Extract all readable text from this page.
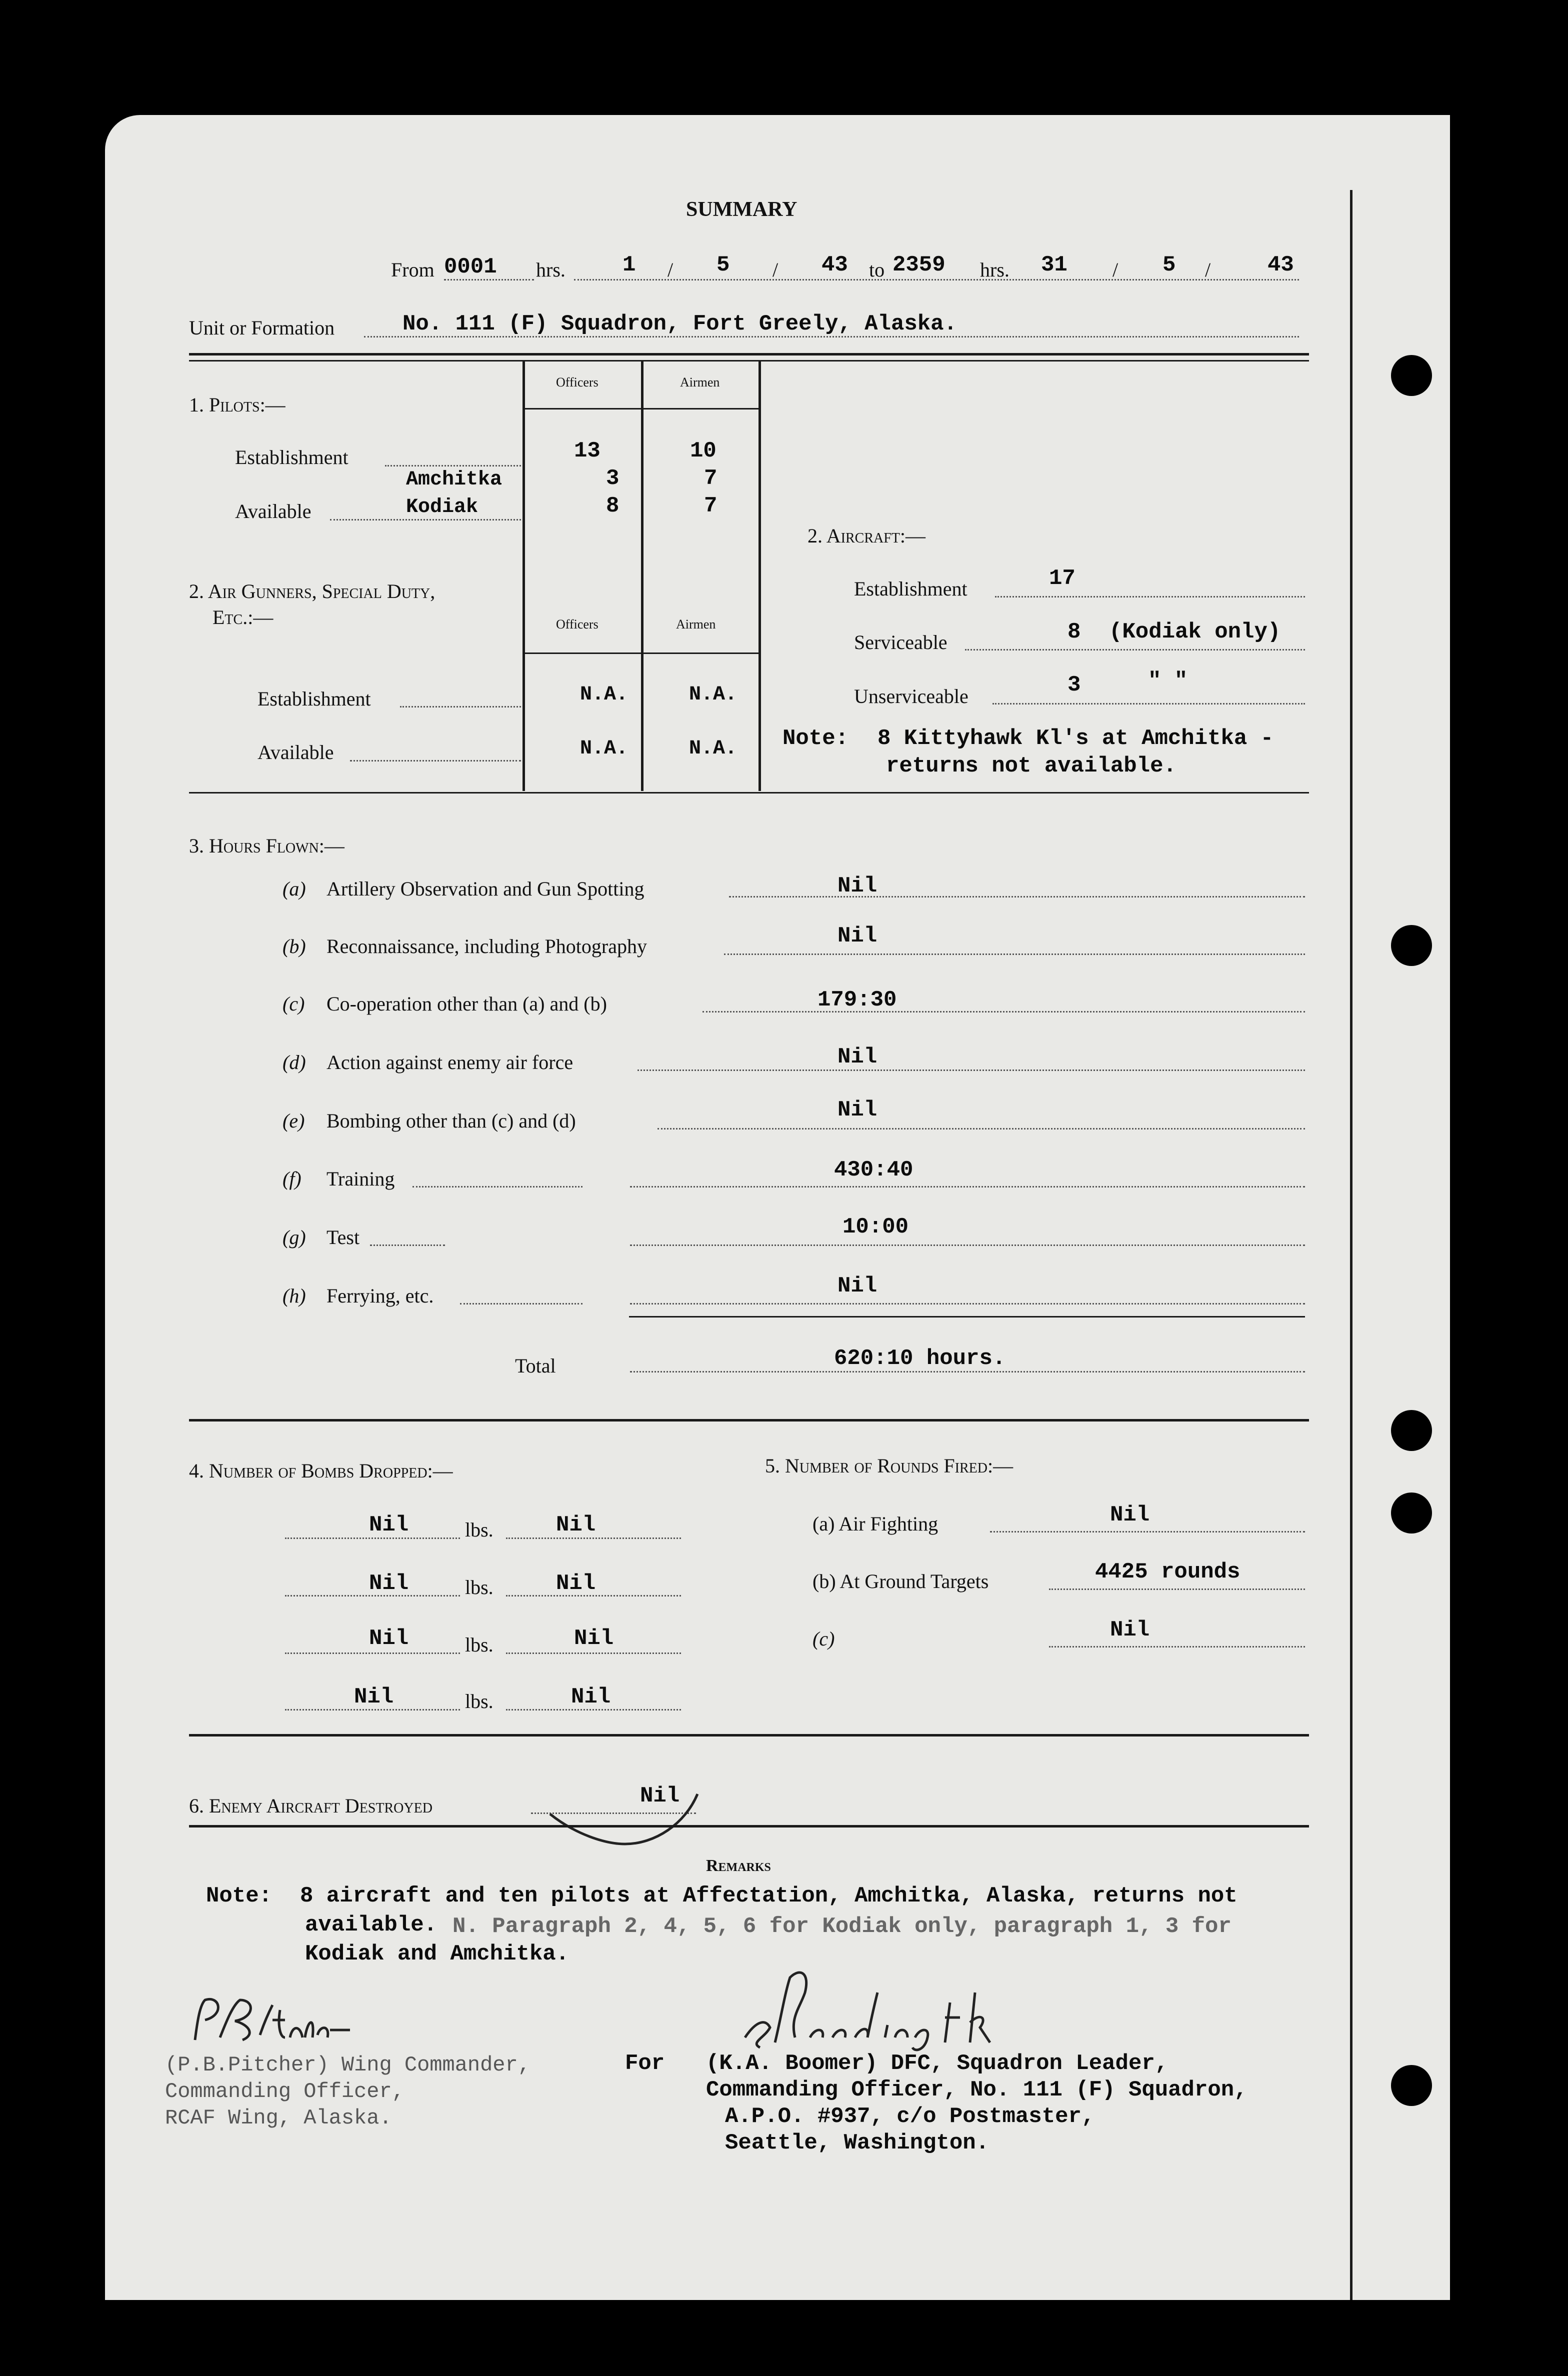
SUMMARY
From 0001 hrs.	1 / 5 / 43 to 2359 hrs. 31 / 5 /	43
Unit or Formation	No. 111 (F) Squadron, Fort Greely, Alaska.
1. Pilots:—
Officers	Airmen
Establishment	13	10
Amchitka	3	7
Available	Kodiak	8	7
2. Air Gunners, Special Duty,
Etc.:—	Officers	Airmen
Establishment	N.A.	N.A.
Available	N.A.	N.A.
2. Aircraft:—
Establishment	17
Serviceable	8 (Kodiak only)
Unserviceable	3	" "
Note: 8 Kittyhawk Kl's at Amchitka -
returns not available.
3. Hours Flown:—
(a) Artillery Observation and Gun Spotting	Nil
(b) Reconnaissance, including Photography	Nil
(c) Co-operation other than (a) and (b)	179:30
(d) Action against enemy air force	Nil
(e) Bombing other than (c) and (d)	Nil
(f) Training	430:40
(g) Test	10:00
(h) Ferrying, etc.	Nil
Total	620:10 hours.
4. Number of Bombs Dropped:—
Nil	lbs.	Nil
Nil	lbs.	Nil
Nil	lbs.	Nil
Nil	lbs.	Nil
5. Number of Rounds Fired:—
(a) Air Fighting	Nil
(b) At Ground Targets	4425 rounds
(c)	Nil
6. Enemy Aircraft Destroyed	Nil
Remarks
Note: 8 aircraft and ten pilots at Affectation, Amchitka, Alaska, returns not
available. N. Paragraph 2, 4, 5, 6 for Kodiak only, paragraph 1, 3 for
Kodiak and Amchitka.
(P.B.Pitcher) Wing Commander,
Commanding Officer,
RCAF Wing, Alaska.
For (K.A. Boomer) DFC, Squadron Leader,
Commanding Officer, No. 111 (F) Squadron,
A.P.O. #937, c/o Postmaster,
Seattle, Washington.
